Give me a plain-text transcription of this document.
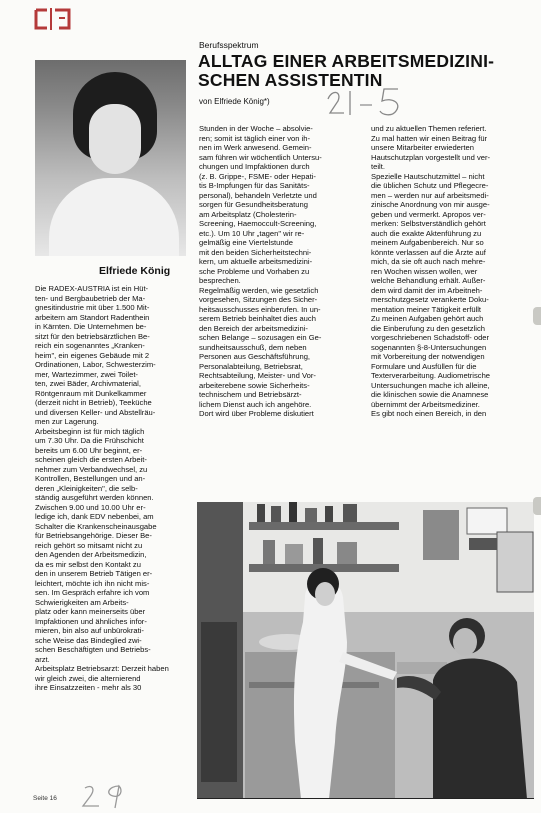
Berufsspektrum
ALLTAG EINER ARBEITSMEDIZINI-
SCHEN ASSISTENTIN
von Elfriede König*)
Elfriede König

Die RADEX-AUSTRIA ist ein Hüt-
ten- und Bergbaubetrieb der Ma-
gnesitindustrie mit über 1.500 Mit-
arbeitern am Standort Radenthein
in Kärnten. Die Unternehmen be-
sitzt für den betriebsärztlichen Be-
reich ein sogenanntes „Kranken-
heim", ein eigenes Gebäude mit 2
Ordinationen, Labor, Schwesterzim-
mer, Wartezimmer, zwei Toilet-
ten, zwei Bäder, Archivmaterial,
Röntgenraum mit Dunkelkammer
(derzeit nicht in Betrieb), Teeküche
und diversen Keller- und Abstellräu-
men zur Lagerung.
Arbeitsbeginn ist für mich täglich
um 7.30 Uhr. Da die Frühschicht
bereits um 6.00 Uhr beginnt, er-
scheinen gleich die ersten Arbeit-
nehmer zum Verbandwechsel, zu
Kontrollen, Bestellungen und an-
deren „Kleinigkeiten", die selb-
ständig ausgeführt werden können.
Zwischen 9.00 und 10.00 Uhr er-
ledige ich, dank EDV nebenbei, am
Schalter die Krankenscheinausgabe
für Betriebsangehörige. Dieser Be-
reich gehört so mitsamt nicht zu
den Agenden der Arbeitsmedizin,
da es mir selbst den Kontakt zu
den in unserem Betrieb Tätigen er-
leichtert, möchte ich ihn nicht mis-
sen. Im Gespräch erfahre ich vom
Schwierigkeiten am Arbeits-
platz oder kann meinerseits über
Impfaktionen und ähnliches infor-
mieren, bin also auf unbürokrati-
sche Weise das Bindeglied zwi-
schen Beschäftigten und Betriebs-
arzt.

Arbeitsplatz Betriebsarzt: Derzeit haben
wir gleich zwei, die alternierend
ihre Einsatzzeiten - mehr als 30

Stunden in der Woche – absolvie-
ren; somit ist täglich einer von ih-
nen im Werk anwesend. Gemein-
sam führen wir wöchentlich Untersu-
chungen und Impfaktionen durch
(z. B. Grippe-, FSME- oder Hepati-
tis B-Impfungen für das Sanitäts-
personal), behandeln Verletzte und
sorgen für Gesundheitsberatung
am Arbeitsplatz (Cholesterin-
Screening, Haemoccult-Screening,
etc.). Um 10 Uhr „tagen" wir re-
gelmäßig eine Viertelstunde
mit den beiden Sicherheitstechni-
kern, um aktuelle arbeitsmedizini-
sche Probleme und Vorhaben zu
besprechen.

Regelmäßig werden, wie gesetzlich
vorgesehen, Sitzungen des Sicher-
heitsausschusses einberufen. In un-
serem Betrieb beinhaltet dies auch
den Bereich der arbeitsmedizini-
schen Belange – sozusagen ein Ge-
sundheitsausschuß, dem neben
Personen aus Geschäftsführung,
Personalabteilung, Betriebsrat,
Rechtsabteilung, Meister- und Vor-
arbeiterebene sowie Sicherheits-
technischem und Betriebsärzt-
lichem Dienst auch ich angehöre.
Dort wird über Probleme diskutiert

und zu aktuellen Themen referiert.
Zu mal hatten wir einen Beitrag für
unsere Mitarbeiter erwiederten
Hautschutzplan vorgestellt und ver-
teilt.
Spezielle Hautschutzmittel – nicht
die üblichen Schutz und Pflegecre-
men – werden nur auf arbeitsmedi-
zinische Anordnung von mir ausge-
geben und vermerkt. Apropos ver-
merken: Selbstverständlich gehört
auch die exakte Aktenführung zu
meinem Aufgabenbereich. Nur so
könnte verlassen auf die Ärzte auf
mich, da sie oft auch nach mehre-
ren Wochen wissen wollen, wer
welche Behandlung erhält. Außer-
dem wird damit der im Arbeitneh-
merschutzgesetz verankerte Doku-
mentation meiner Tätigkeit erfüllt
Zu meinen Aufgaben gehört auch
die Einberufung zu den gesetzlich
vorgeschriebenen Schadstoff- oder
sogenannten §-8-Untersuchungen
mit Vorbereitung der notwendigen
Formulare und Ausfüllen für die
Texterverarbeitung. Audiometrische
Untersuchungen mache ich alleine,
die klinischen sowie die Anamnese
übernimmt der Arbeitsmediziner.
Es gibt noch einen Bereich, in den

Seite 16
